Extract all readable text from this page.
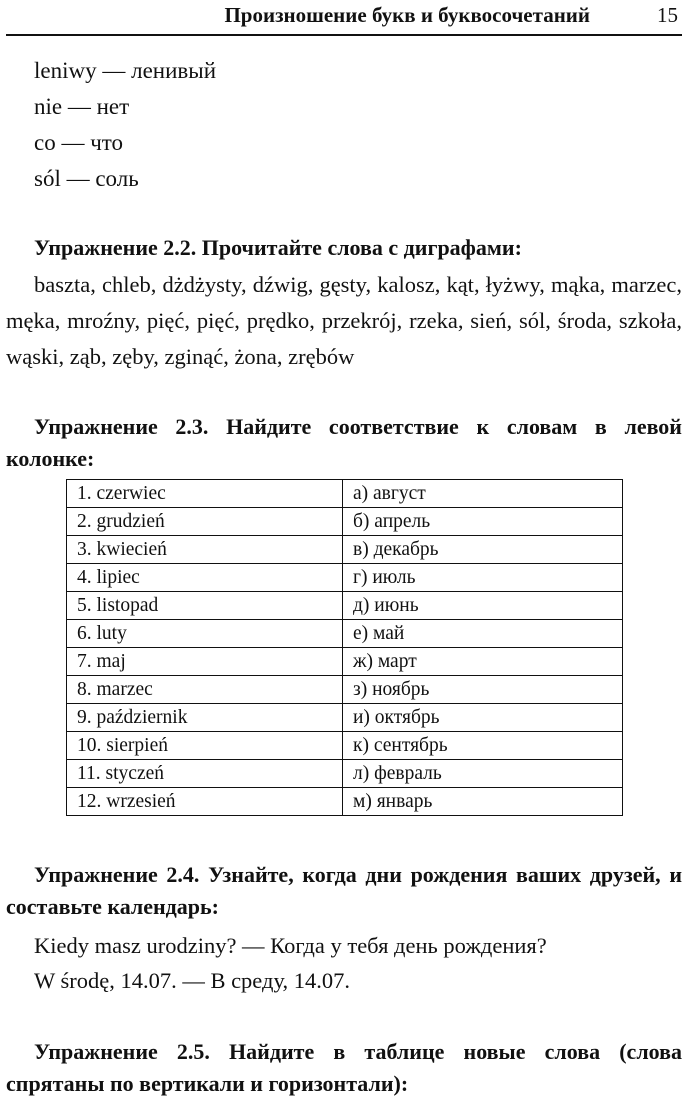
Произношение букв и буквосочетаний	15
leniwy — ленивый
nie — нет
co — что
sól — соль

Упражнение 2.2. Прочитайте слова с диграфами:

baszta, chleb, dżdżysty, dźwig, gęsty, kalosz, kąt, łyżwy, mąka, marzec, męka, mroźny, pięć, pięć, prędko, przekrój, rzeka, sień, sól, środa, szkoła, wąski, ząb, zęby, zginąć, żona, zrębów

Упражнение 2.3. Найдите соответствие к словам в левой колонке:

1. czerwiec	а) август
2. grudzień	б) апрель
3. kwiecień	в) декабрь
4. lipiec	г) июль
5. listopad	д) июнь
6. luty	е) май
7. maj	ж) март
8. marzec	з) ноябрь
9. październik	и) октябрь
10. sierpień	к) сентябрь
11. styczeń	л) февраль
12. wrzesień	м) январь

Упражнение 2.4. Узнайте, когда дни рождения ваших друзей, и составьте календарь:

Kiedy masz urodziny? — Когда у тебя день рождения?

W środę, 14.07. — В среду, 14.07.

Упражнение 2.5. Найдите в таблице новые слова (слова спрятаны по вертикали и горизонтали):
